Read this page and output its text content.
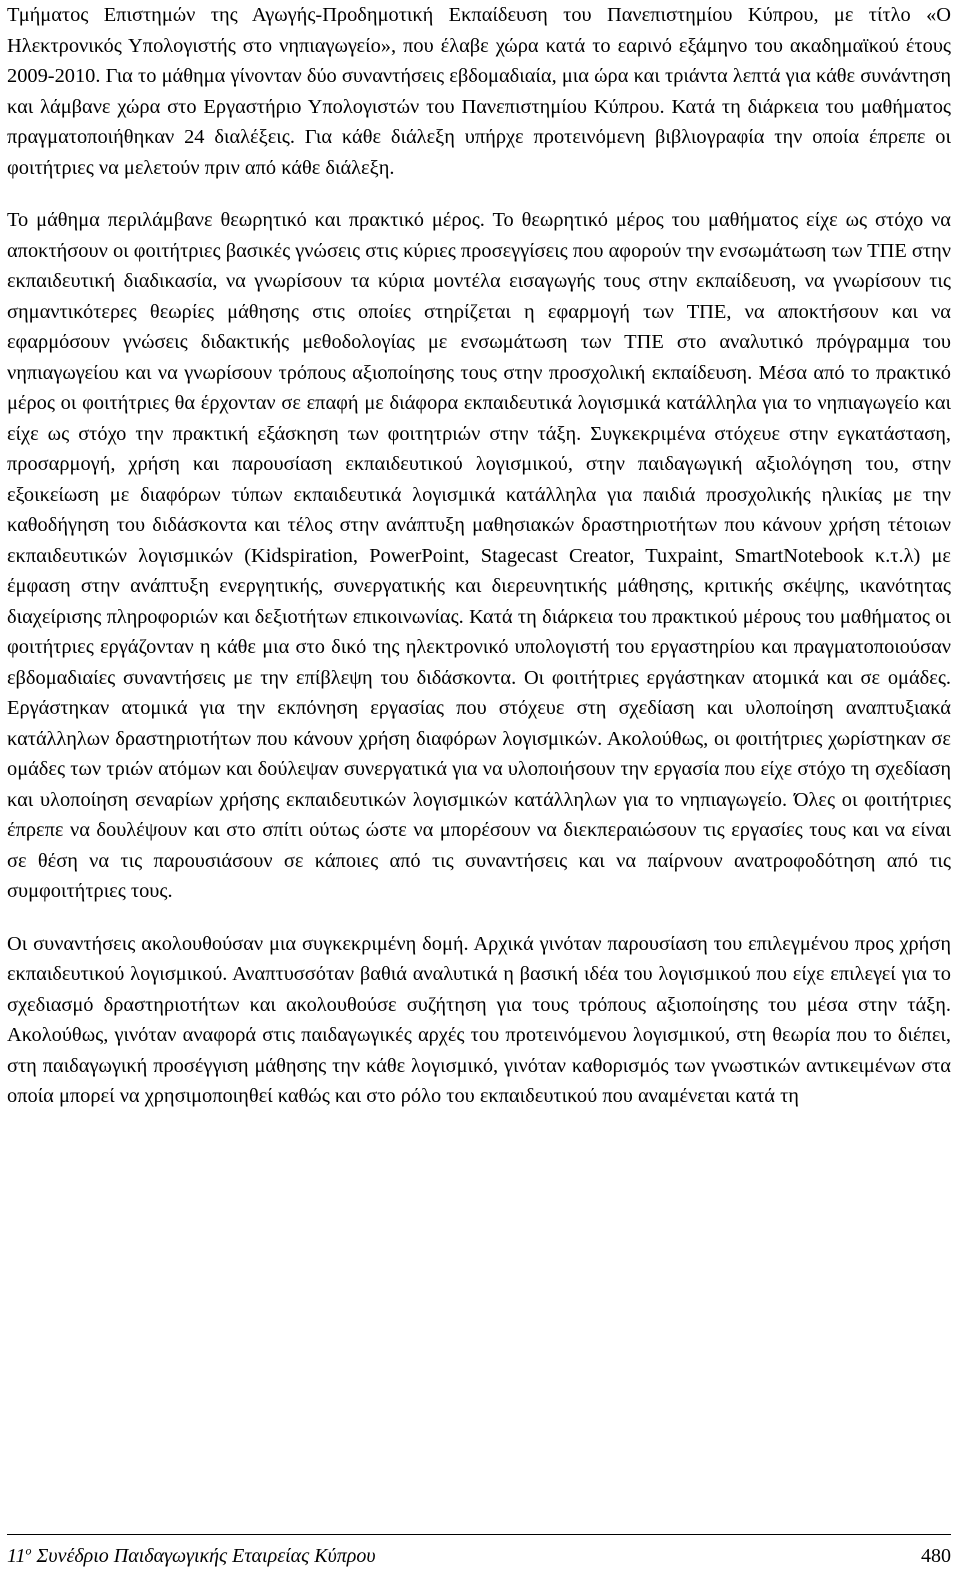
Τμήματος Επιστημών της Αγωγής-Προδημοτική Εκπαίδευση του Πανεπιστημίου Κύπρου, με τίτλο «Ο Ηλεκτρονικός Υπολογιστής στο νηπιαγωγείο», που έλαβε χώρα κατά το εαρινό εξάμηνο του ακαδημαϊκού έτους 2009-2010. Για το μάθημα γίνονταν δύο συναντήσεις εβδομαδιαία, μια ώρα και τριάντα λεπτά για κάθε συνάντηση και λάμβανε χώρα στο Εργαστήριο Υπολογιστών του Πανεπιστημίου Κύπρου. Κατά τη διάρκεια του μαθήματος πραγματοποιήθηκαν 24 διαλέξεις. Για κάθε διάλεξη υπήρχε προτεινόμενη βιβλιογραφία την οποία έπρεπε οι φοιτήτριες να μελετούν πριν από κάθε διάλεξη.

Το μάθημα περιλάμβανε θεωρητικό και πρακτικό μέρος. Το θεωρητικό μέρος του μαθήματος είχε ως στόχο να αποκτήσουν οι φοιτήτριες βασικές γνώσεις στις κύριες προσεγγίσεις που αφορούν την ενσωμάτωση των ΤΠΕ στην εκπαιδευτική διαδικασία, να γνωρίσουν τα κύρια μοντέλα εισαγωγής τους στην εκπαίδευση, να γνωρίσουν τις σημαντικότερες θεωρίες μάθησης στις οποίες στηρίζεται η εφαρμογή των ΤΠΕ, να αποκτήσουν και να εφαρμόσουν γνώσεις διδακτικής μεθοδολογίας με ενσωμάτωση των ΤΠΕ στο αναλυτικό πρόγραμμα του νηπιαγωγείου και να γνωρίσουν τρόπους αξιοποίησης τους στην προσχολική εκπαίδευση. Μέσα από το πρακτικό μέρος οι φοιτήτριες θα έρχονταν σε επαφή με διάφορα εκπαιδευτικά λογισμικά κατάλληλα για το νηπιαγωγείο και είχε ως στόχο την πρακτική εξάσκηση των φοιτητριών στην τάξη. Συγκεκριμένα στόχευε στην εγκατάσταση, προσαρμογή, χρήση και παρουσίαση εκπαιδευτικού λογισμικού, στην παιδαγωγική αξιολόγηση του, στην εξοικείωση με διαφόρων τύπων εκπαιδευτικά λογισμικά κατάλληλα για παιδιά προσχολικής ηλικίας με την καθοδήγηση του διδάσκοντα και τέλος στην ανάπτυξη μαθησιακών δραστηριοτήτων που κάνουν χρήση τέτοιων εκπαιδευτικών λογισμικών (Kidspiration, PowerPoint, Stagecast Creator, Tuxpaint, SmartNotebook κ.τ.λ) με έμφαση στην ανάπτυξη ενεργητικής, συνεργατικής και διερευνητικής μάθησης, κριτικής σκέψης, ικανότητας διαχείρισης πληροφοριών και δεξιοτήτων επικοινωνίας. Κατά τη διάρκεια του πρακτικού μέρους του μαθήματος οι φοιτήτριες εργάζονταν η κάθε μια στο δικό της ηλεκτρονικό υπολογιστή του εργαστηρίου και πραγματοποιούσαν εβδομαδιαίες συναντήσεις με την επίβλεψη του διδάσκοντα. Οι φοιτήτριες εργάστηκαν ατομικά και σε ομάδες. Εργάστηκαν ατομικά για την εκπόνηση εργασίας που στόχευε στη σχεδίαση και υλοποίηση αναπτυξιακά κατάλληλων δραστηριοτήτων που κάνουν χρήση διαφόρων λογισμικών. Ακολούθως, οι φοιτήτριες χωρίστηκαν σε ομάδες των τριών ατόμων και δούλεψαν συνεργατικά για να υλοποιήσουν την εργασία που είχε στόχο τη σχεδίαση και υλοποίηση σεναρίων χρήσης εκπαιδευτικών λογισμικών κατάλληλων για το νηπιαγωγείο. Όλες οι φοιτήτριες έπρεπε να δουλέψουν και στο σπίτι ούτως ώστε να μπορέσουν να διεκπεραιώσουν τις εργασίες τους και να είναι σε θέση να τις παρουσιάσουν σε κάποιες από τις συναντήσεις και να παίρνουν ανατροφοδότηση από τις συμφοιτήτριες τους.

Οι συναντήσεις ακολουθούσαν μια συγκεκριμένη δομή. Αρχικά γινόταν παρουσίαση του επιλεγμένου προς χρήση εκπαιδευτικού λογισμικού. Αναπτυσσόταν βαθιά αναλυτικά η βασική ιδέα του λογισμικού που είχε επιλεγεί για το σχεδιασμό δραστηριοτήτων και ακολουθούσε συζήτηση για τους τρόπους αξιοποίησης του μέσα στην τάξη. Ακολούθως, γινόταν αναφορά στις παιδαγωγικές αρχές του προτεινόμενου λογισμικού, στη θεωρία που το διέπει, στη παιδαγωγική προσέγγιση μάθησης την κάθε λογισμικό, γινόταν καθορισμός των γνωστικών αντικειμένων στα οποία μπορεί να χρησιμοποιηθεί καθώς και στο ρόλο του εκπαιδευτικού που αναμένεται κατά τη

$11^o$ Συνέδριο Παιδαγωγικής Εταιρείας Κύπρου	480
